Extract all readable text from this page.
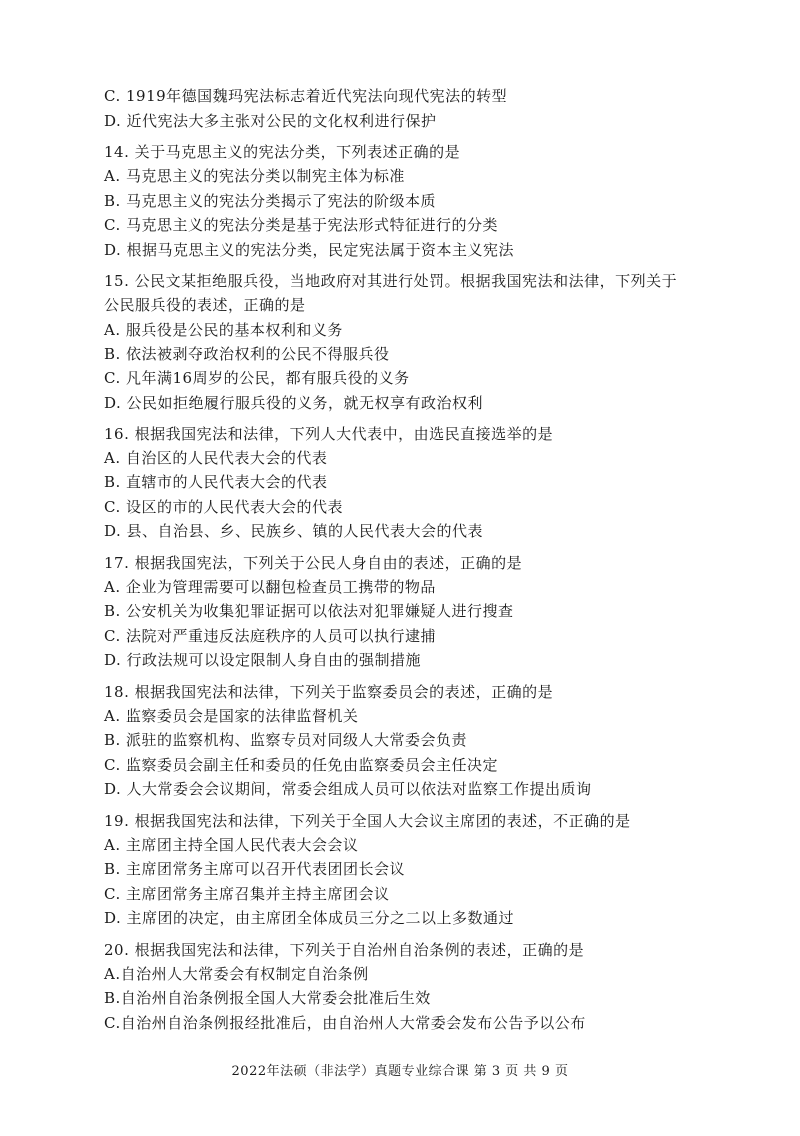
C. 1919年德国魏玛宪法标志着近代宪法向现代宪法的转型
D. 近代宪法大多主张对公民的文化权利进行保护
14. 关于马克思主义的宪法分类，下列表述正确的是
A. 马克思主义的宪法分类以制宪主体为标准
B. 马克思主义的宪法分类揭示了宪法的阶级本质
C. 马克思主义的宪法分类是基于宪法形式特征进行的分类
D. 根据马克思主义的宪法分类，民定宪法属于资本主义宪法
15. 公民文某拒绝服兵役，当地政府对其进行处罚。根据我国宪法和法律，下列关于
公民服兵役的表述，正确的是
A. 服兵役是公民的基本权利和义务
B. 依法被剥夺政治权利的公民不得服兵役
C. 凡年满16周岁的公民，都有服兵役的义务
D. 公民如拒绝履行服兵役的义务，就无权享有政治权利
16. 根据我国宪法和法律，下列人大代表中，由选民直接选举的是
A. 自治区的人民代表大会的代表
B. 直辖市的人民代表大会的代表
C. 设区的市的人民代表大会的代表
D. 县、自治县、乡、民族乡、镇的人民代表大会的代表
17. 根据我国宪法，下列关于公民人身自由的表述，正确的是
A. 企业为管理需要可以翻包检查员工携带的物品
B. 公安机关为收集犯罪证据可以依法对犯罪嫌疑人进行搜查
C. 法院对严重违反法庭秩序的人员可以执行逮捕
D. 行政法规可以设定限制人身自由的强制措施
18. 根据我国宪法和法律，下列关于监察委员会的表述，正确的是
A. 监察委员会是国家的法律监督机关
B. 派驻的监察机构、监察专员对同级人大常委会负责
C. 监察委员会副主任和委员的任免由监察委员会主任决定
D. 人大常委会会议期间，常委会组成人员可以依法对监察工作提出质询
19. 根据我国宪法和法律，下列关于全国人大会议主席团的表述，不正确的是
A. 主席团主持全国人民代表大会会议
B. 主席团常务主席可以召开代表团团长会议
C. 主席团常务主席召集并主持主席团会议
D. 主席团的决定，由主席团全体成员三分之二以上多数通过
20. 根据我国宪法和法律，下列关于自治州自治条例的表述，正确的是
A.自治州人大常委会有权制定自治条例
B.自治州自治条例报全国人大常委会批准后生效
C.自治州自治条例报经批准后，由自治州人大常委会发布公告予以公布
2022年法硕（非法学）真题专业综合课 第 3 页 共 9 页
